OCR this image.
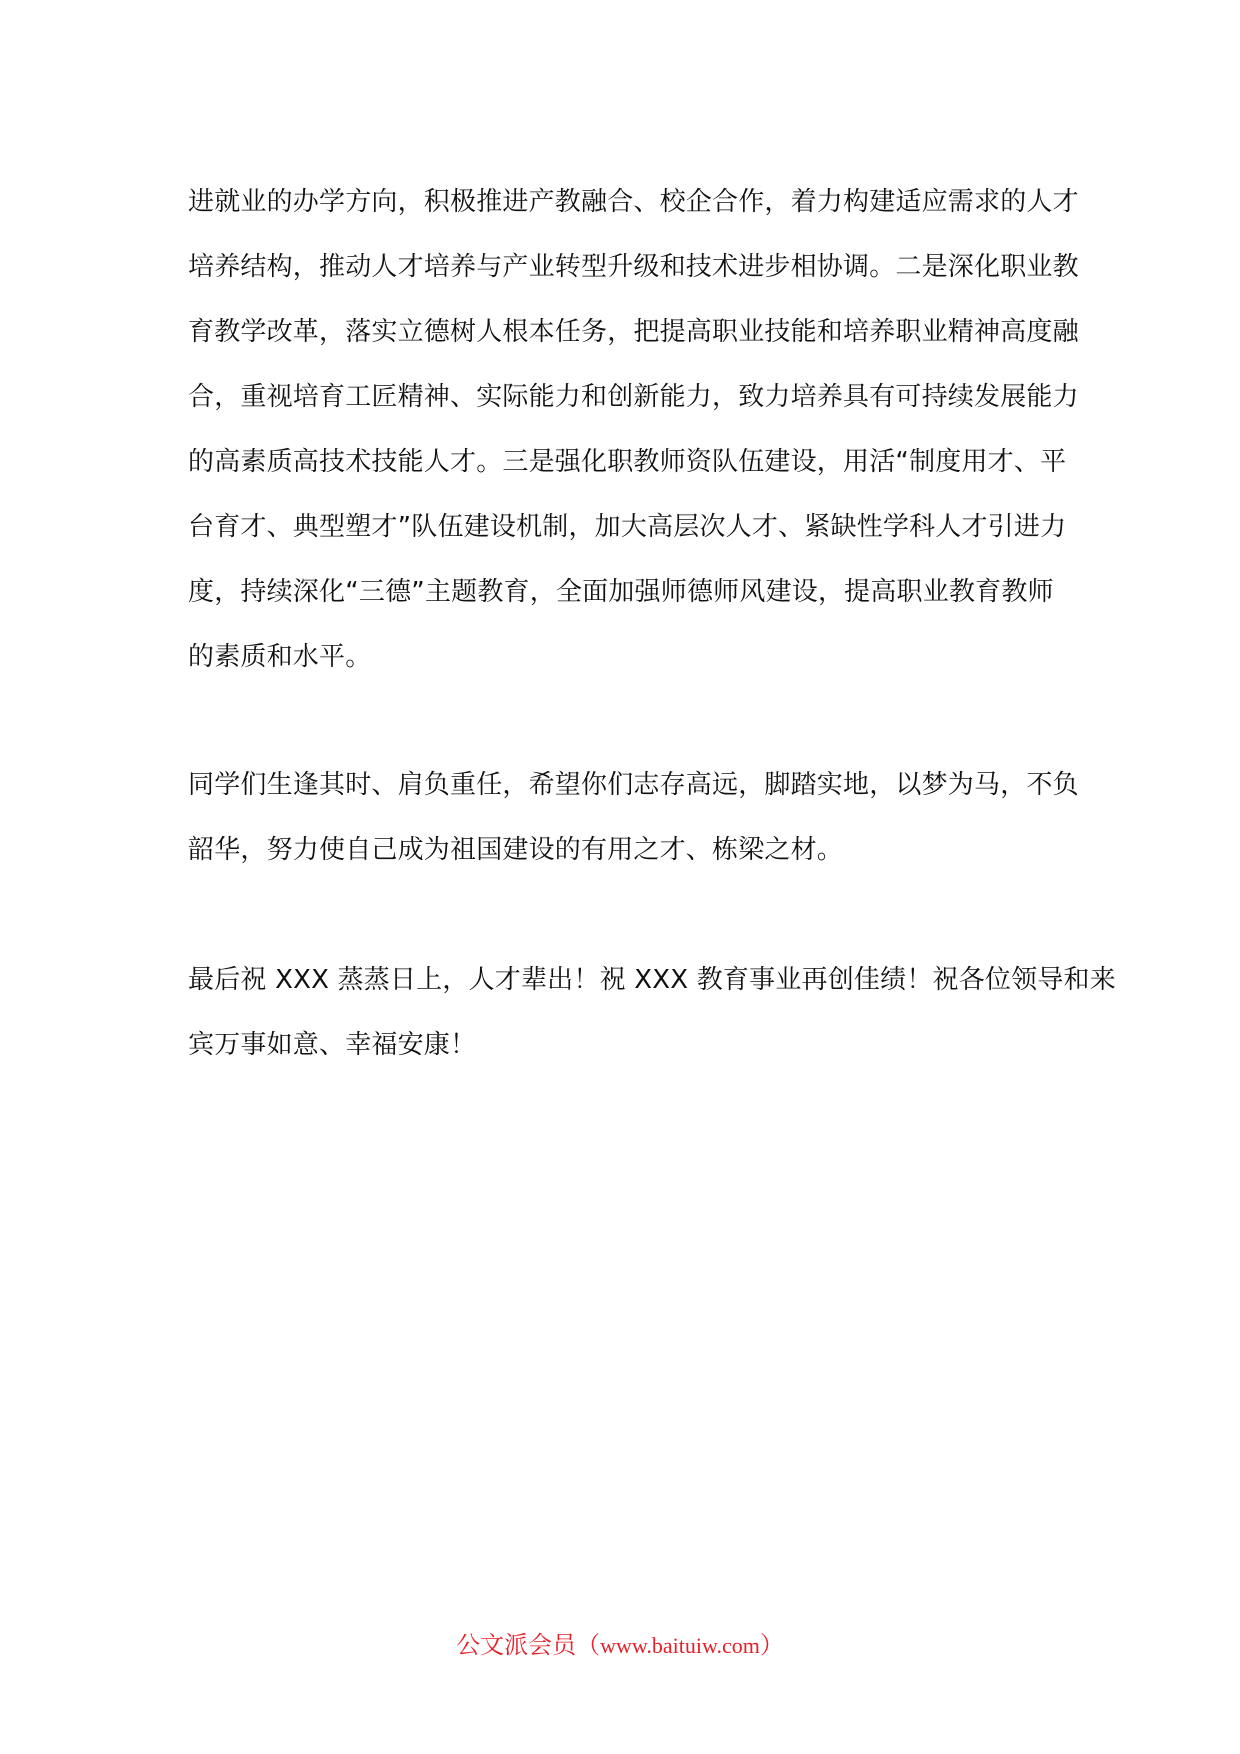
进就业的办学方向，积极推进产教融合、校企合作，着力构建适应需求的人才
培养结构，推动人才培养与产业转型升级和技术进步相协调。二是深化职业教
育教学改革，落实立德树人根本任务，把提高职业技能和培养职业精神高度融
合，重视培育工匠精神、实际能力和创新能力，致力培养具有可持续发展能力
的高素质高技术技能人才。三是强化职教师资队伍建设，用活“制度用才、平
台育才、典型塑才”队伍建设机制，加大高层次人才、紧缺性学科人才引进力
度，持续深化“三德”主题教育，全面加强师德师风建设，提高职业教育教师
的素质和水平。
同学们生逢其时、肩负重任，希望你们志存高远，脚踏实地，以梦为马，不负
韶华，努力使自己成为祖国建设的有用之才、栋梁之材。
最后祝 XXX 蒸蒸日上，人才辈出！祝 XXX 教育事业再创佳绩！祝各位领导和来
宾万事如意、幸福安康！
公文派会员（www.baituiw.com）
